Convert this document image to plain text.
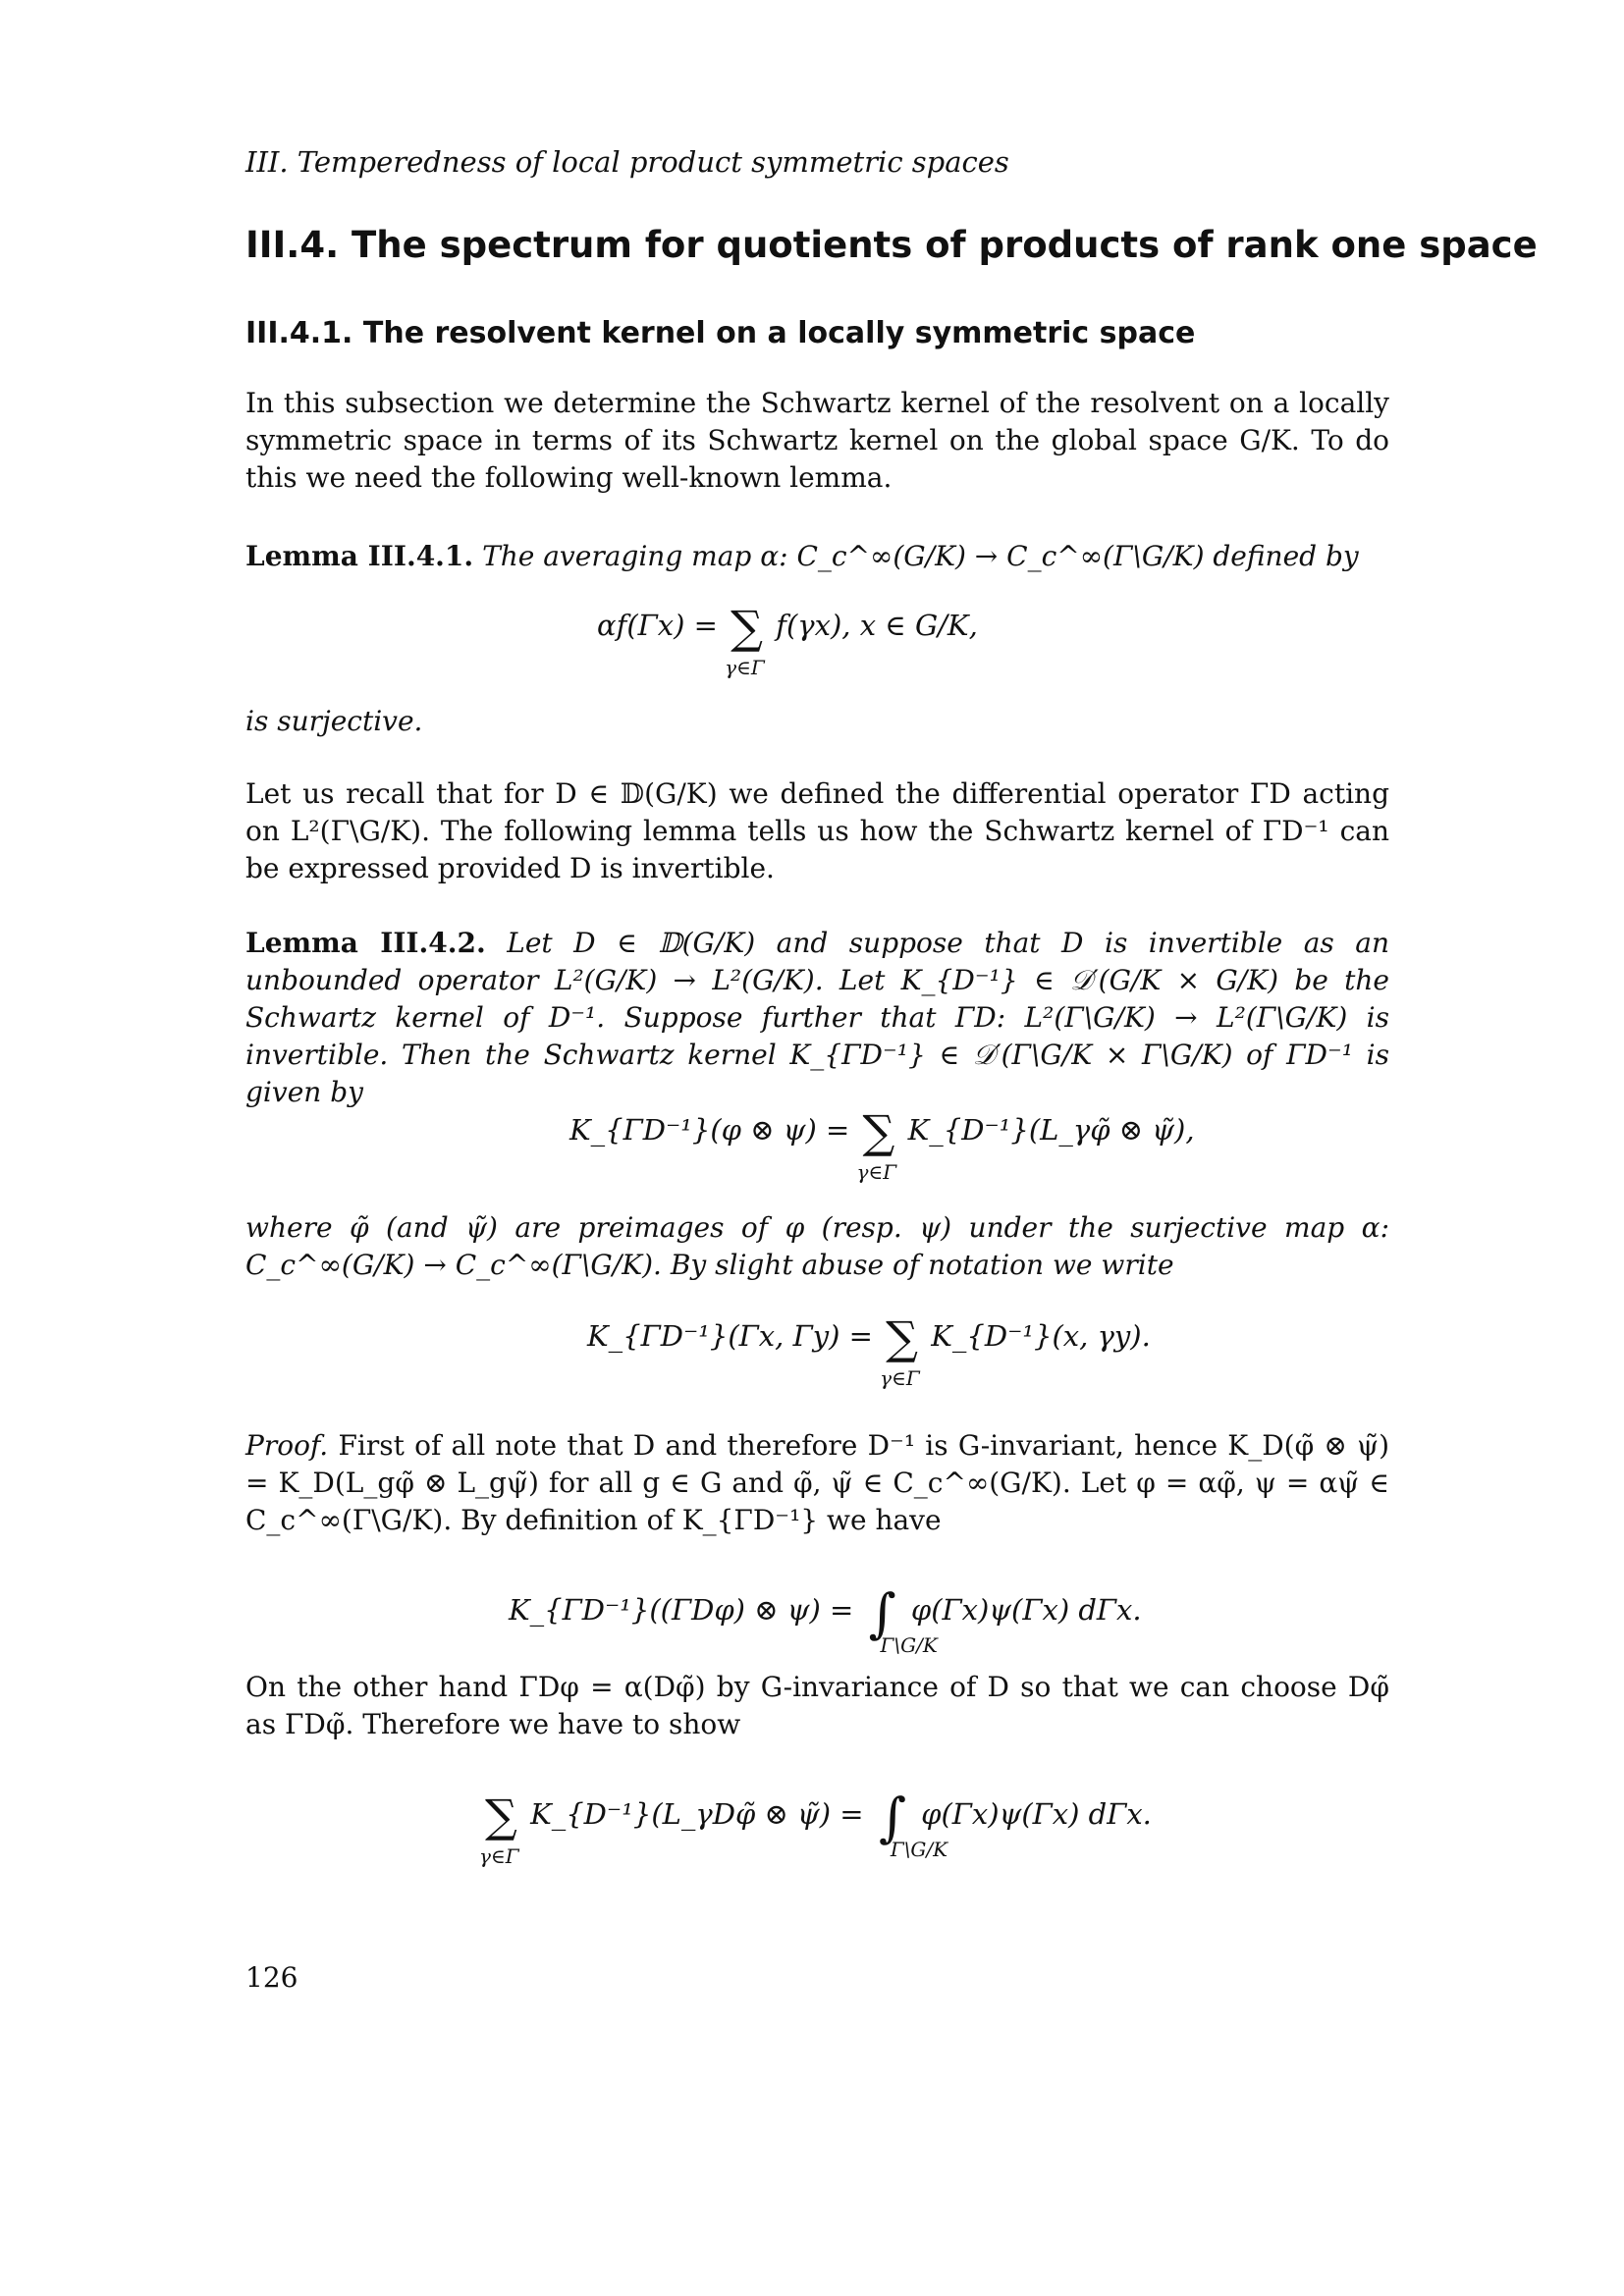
III. Temperedness of local product symmetric spaces
III.4. The spectrum for quotients of products of rank one space
III.4.1. The resolvent kernel on a locally symmetric space
In this subsection we determine the Schwartz kernel of the resolvent on a locally symmetric space in terms of its Schwartz kernel on the global space G/K. To do this we need the following well-known lemma.
Lemma III.4.1. The averaging map α: C_c^∞(G/K) → C_c^∞(Γ\G/K) defined by
αf(Γx) = ∑
γ∈Γ
f(γx), x ∈ G/K,
is surjective.
Let us recall that for D ∈ 𝔻(G/K) we defined the differential operator ΓD acting on L²(Γ\G/K). The following lemma tells us how the Schwartz kernel of ΓD⁻¹ can be expressed provided D is invertible.
Lemma III.4.2. Let D ∈ 𝔻(G/K) and suppose that D is invertible as an unbounded operator L²(G/K) → L²(G/K). Let K_{D⁻¹} ∈ 𝒟′(G/K × G/K) be the Schwartz kernel of D⁻¹. Suppose further that ΓD: L²(Γ\G/K) → L²(Γ\G/K) is invertible. Then the Schwartz kernel K_{ΓD⁻¹} ∈ 𝒟′(Γ\G/K × Γ\G/K) of ΓD⁻¹ is given by
K_{ΓD⁻¹}(φ ⊗ ψ) = ∑
γ∈Γ
K_{D⁻¹}(L_γφ̃ ⊗ ψ̃),
where φ̃ (and ψ̃) are preimages of φ (resp. ψ) under the surjective map α: C_c^∞(G/K) → C_c^∞(Γ\G/K). By slight abuse of notation we write
K_{ΓD⁻¹}(Γx, Γy) = ∑
γ∈Γ
K_{D⁻¹}(x, γy).
Proof. First of all note that D and therefore D⁻¹ is G-invariant, hence K_D(φ̃ ⊗ ψ̃) = K_D(L_gφ̃ ⊗ L_gψ̃) for all g ∈ G and φ̃, ψ̃ ∈ C_c^∞(G/K). Let φ = αφ̃, ψ = αψ̃ ∈ C_c^∞(Γ\G/K). By definition of K_{ΓD⁻¹} we have
K_{ΓD⁻¹}((ΓDφ) ⊗ ψ) = ∫
Γ\G/K
φ(Γx)ψ(Γx) dΓx.
On the other hand ΓDφ = α(Dφ̃) by G-invariance of D so that we can choose Dφ̃ as ΓDφ̃. Therefore we have to show
∑
γ∈Γ
K_{D⁻¹}(L_γDφ̃ ⊗ ψ̃) = ∫
Γ\G/K
φ(Γx)ψ(Γx) dΓx.
126
